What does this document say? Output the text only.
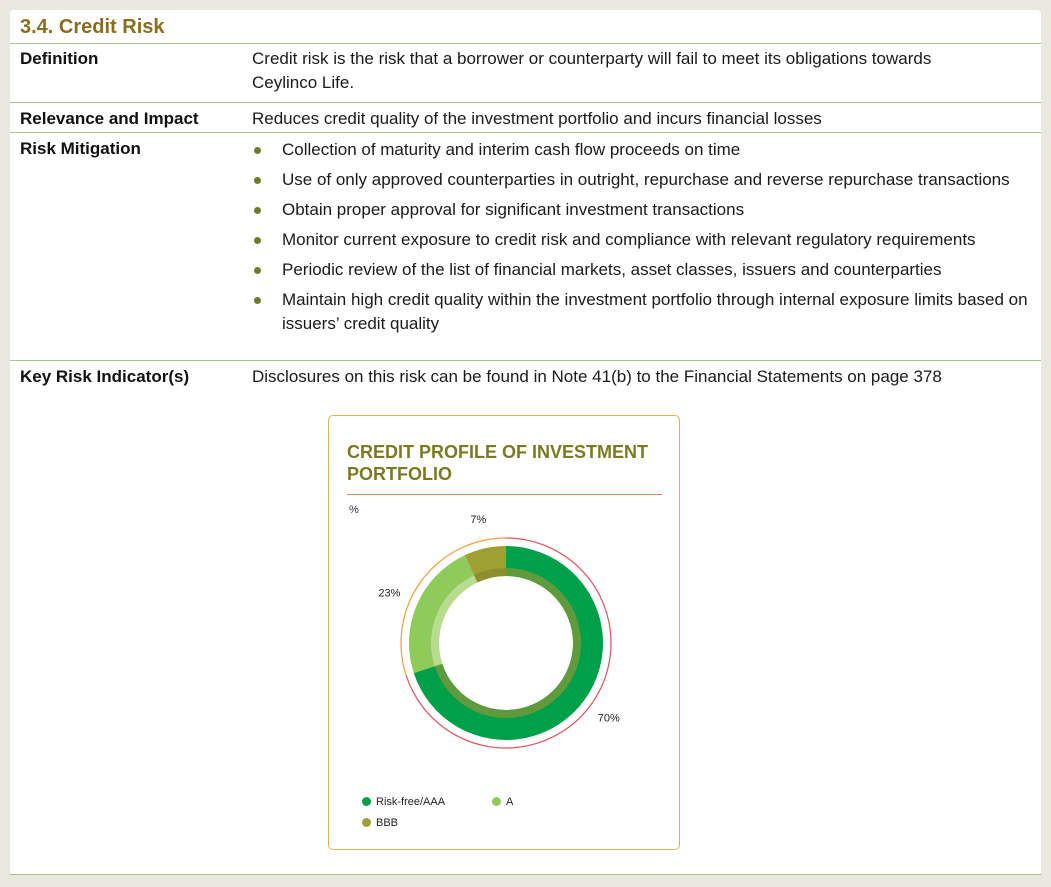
3.4. Credit Risk
Definition	Credit risk is the risk that a borrower or counterparty will fail to meet its obligations towards
Ceylinco Life.
Relevance and Impact	Reduces credit quality of the investment portfolio and incurs financial losses
Risk Mitigation	Collection of maturity and interim cash flow proceeds on time
Use of only approved counterparties in outright, repurchase and reverse repurchase transactions
Obtain proper approval for significant investment transactions
Monitor current exposure to credit risk and compliance with relevant regulatory requirements
Periodic review of the list of financial markets, asset classes, issuers and counterparties
Maintain high credit quality within the investment portfolio through internal exposure limits based on issuers’ credit quality
Key Risk Indicator(s)	Disclosures on this risk can be found in Note 41(b) to the Financial Statements on page 378
CREDIT PROFILE OF INVESTMENT PORTFOLIO
%
70%
23%
7%
Risk-free/AAA	A
BBB
